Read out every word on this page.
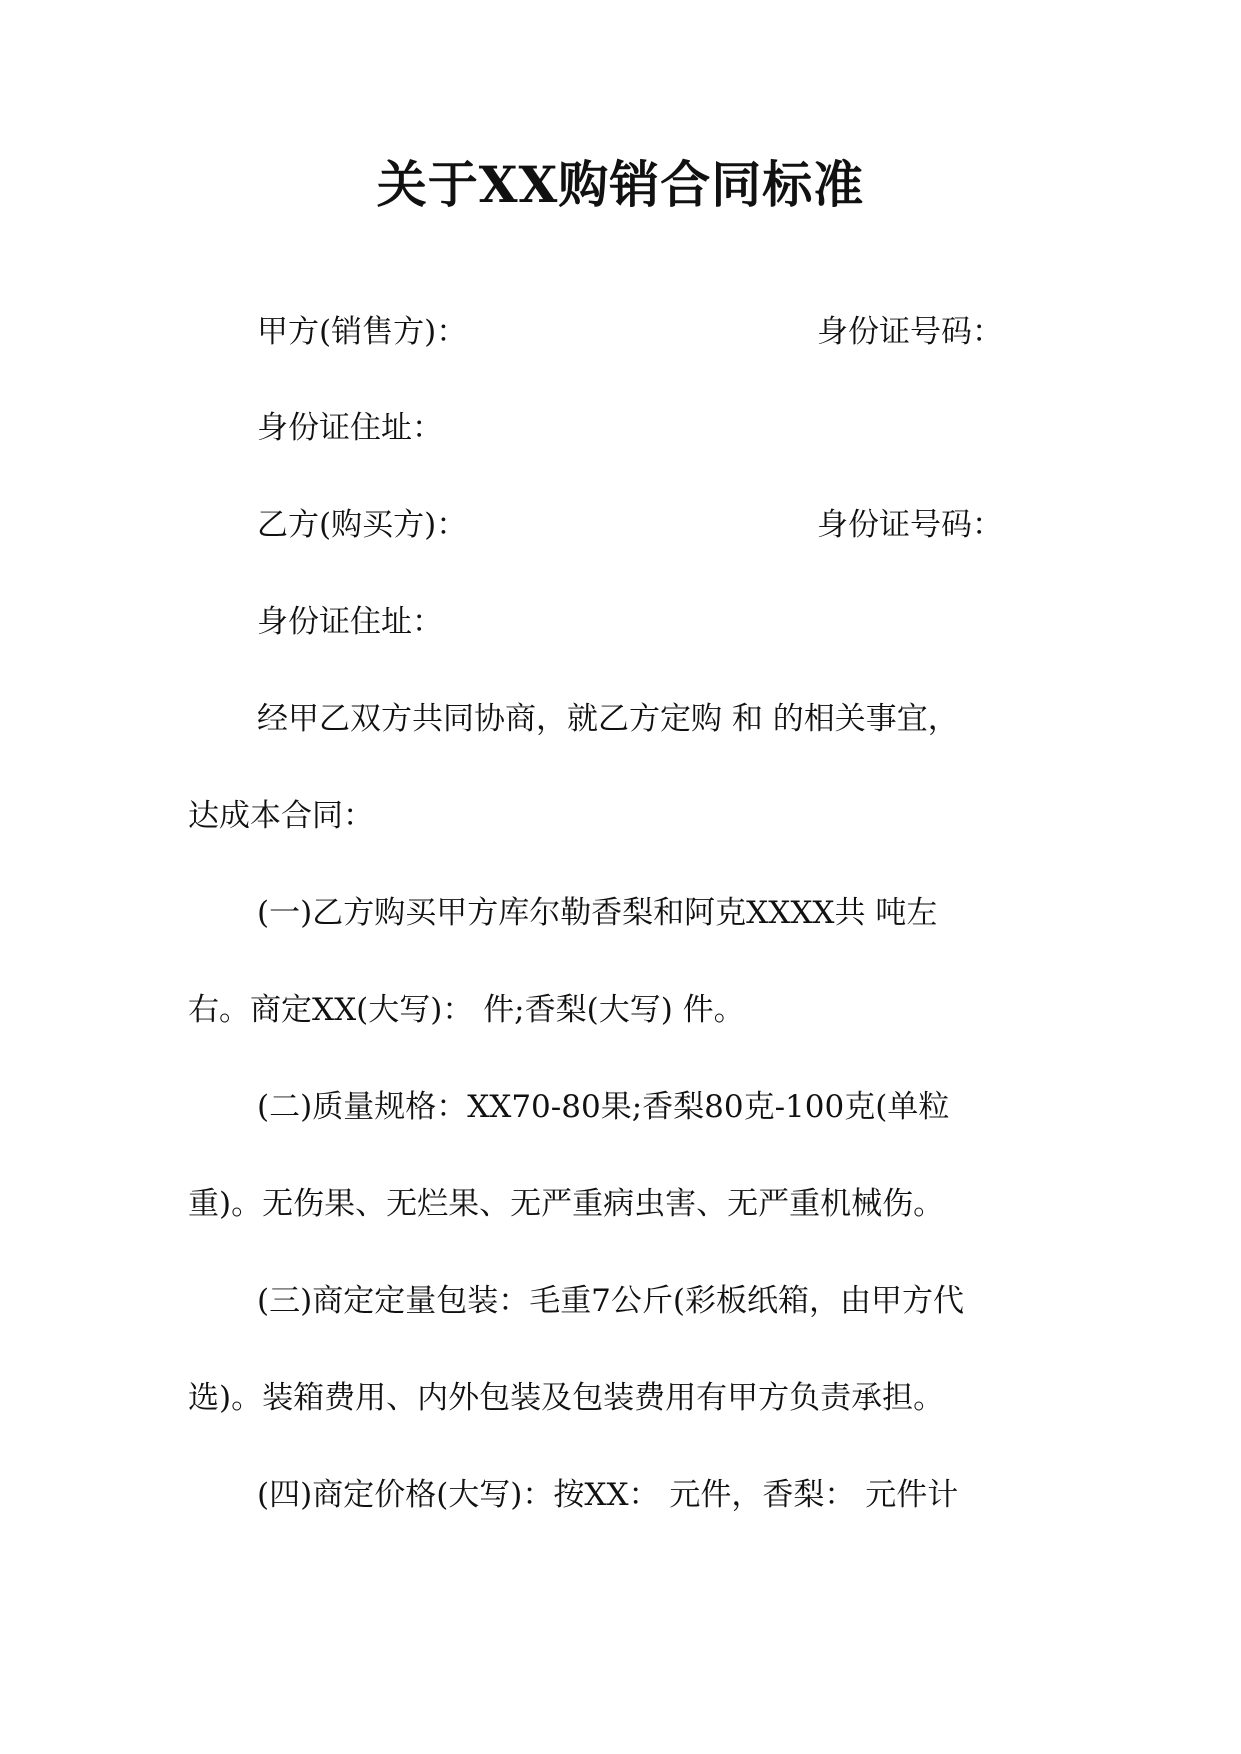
关于XX购销合同标准
甲方(销售方)：	身份证号码：
身份证住址：
乙方(购买方)：	身份证号码：
身份证住址：
经甲乙双方共同协商，就乙方定购 和 的相关事宜，
达成本合同：
(一)乙方购买甲方库尔勒香梨和阿克XXXX共 吨左
右。商定XX(大写)： 件;香梨(大写) 件。
(二)质量规格：XX70-80果;香梨80克-100克(单粒
重)。无伤果、无烂果、无严重病虫害、无严重机械伤。
(三)商定定量包装：毛重7公斤(彩板纸箱，由甲方代
选)。装箱费用、内外包装及包装费用有甲方负责承担。
(四)商定价格(大写)：按XX： 元件，香梨： 元件计
